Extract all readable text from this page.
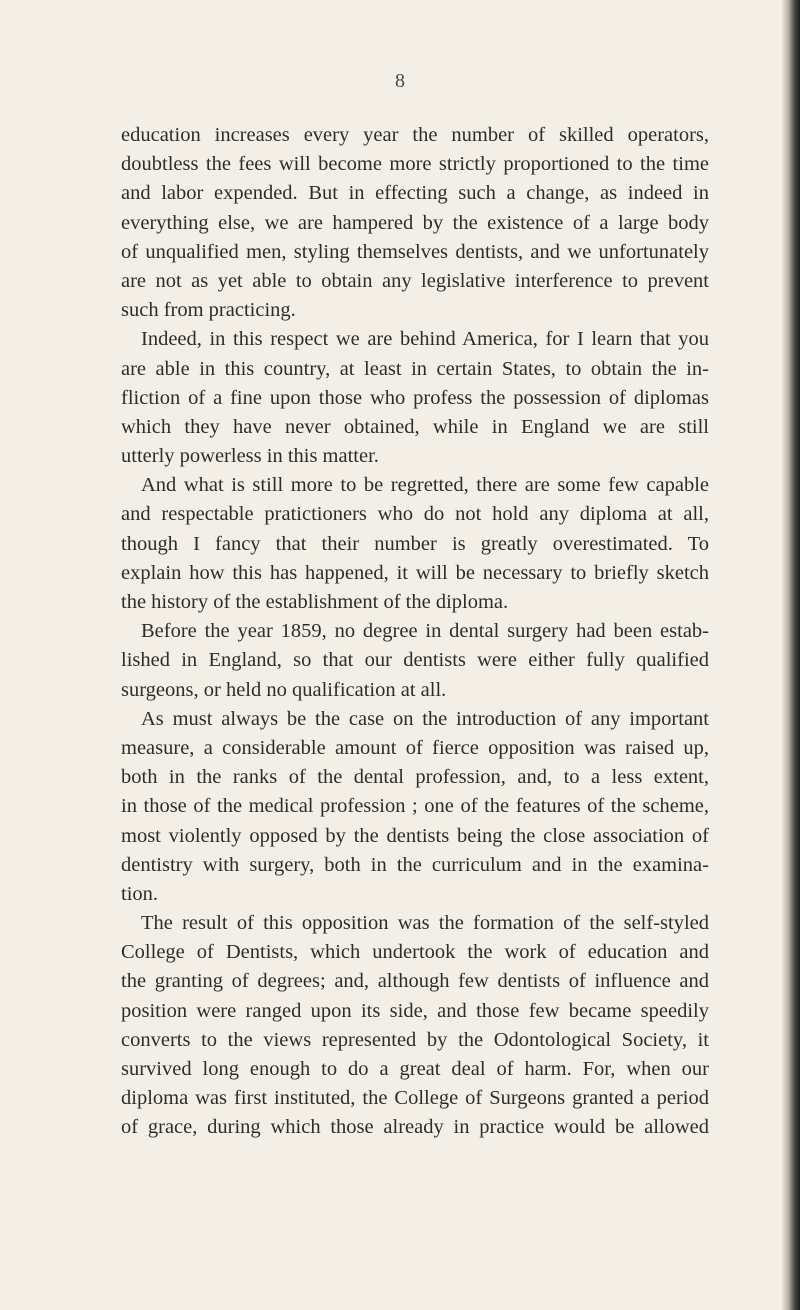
8
education increases every year the number of skilled operators,
doubtless the fees will become more strictly proportioned to the time
and labor expended. But in effecting such a change, as indeed in
everything else, we are hampered by the existence of a large body
of unqualified men, styling themselves dentists, and we unfortunately
are not as yet able to obtain any legislative interference to prevent
such from practicing.
Indeed, in this respect we are behind America, for I learn that you
are able in this country, at least in certain States, to obtain the in-
fliction of a fine upon those who profess the possession of diplomas
which they have never obtained, while in England we are still
utterly powerless in this matter.
And what is still more to be regretted, there are some few capable
and respectable pratictioners who do not hold any diploma at all,
though I fancy that their number is greatly overestimated. To
explain how this has happened, it will be necessary to briefly sketch
the history of the establishment of the diploma.
Before the year 1859, no degree in dental surgery had been estab-
lished in England, so that our dentists were either fully qualified
surgeons, or held no qualification at all.
As must always be the case on the introduction of any important
measure, a considerable amount of fierce opposition was raised up,
both in the ranks of the dental profession, and, to a less extent,
in those of the medical profession ; one of the features of the scheme,
most violently opposed by the dentists being the close association of
dentistry with surgery, both in the curriculum and in the examina-
tion.
The result of this opposition was the formation of the self-styled
College of Dentists, which undertook the work of education and
the granting of degrees; and, although few dentists of influence and
position were ranged upon its side, and those few became speedily
converts to the views represented by the Odontological Society, it
survived long enough to do a great deal of harm. For, when our
diploma was first instituted, the College of Surgeons granted a period
of grace, during which those already in practice would be allowed
